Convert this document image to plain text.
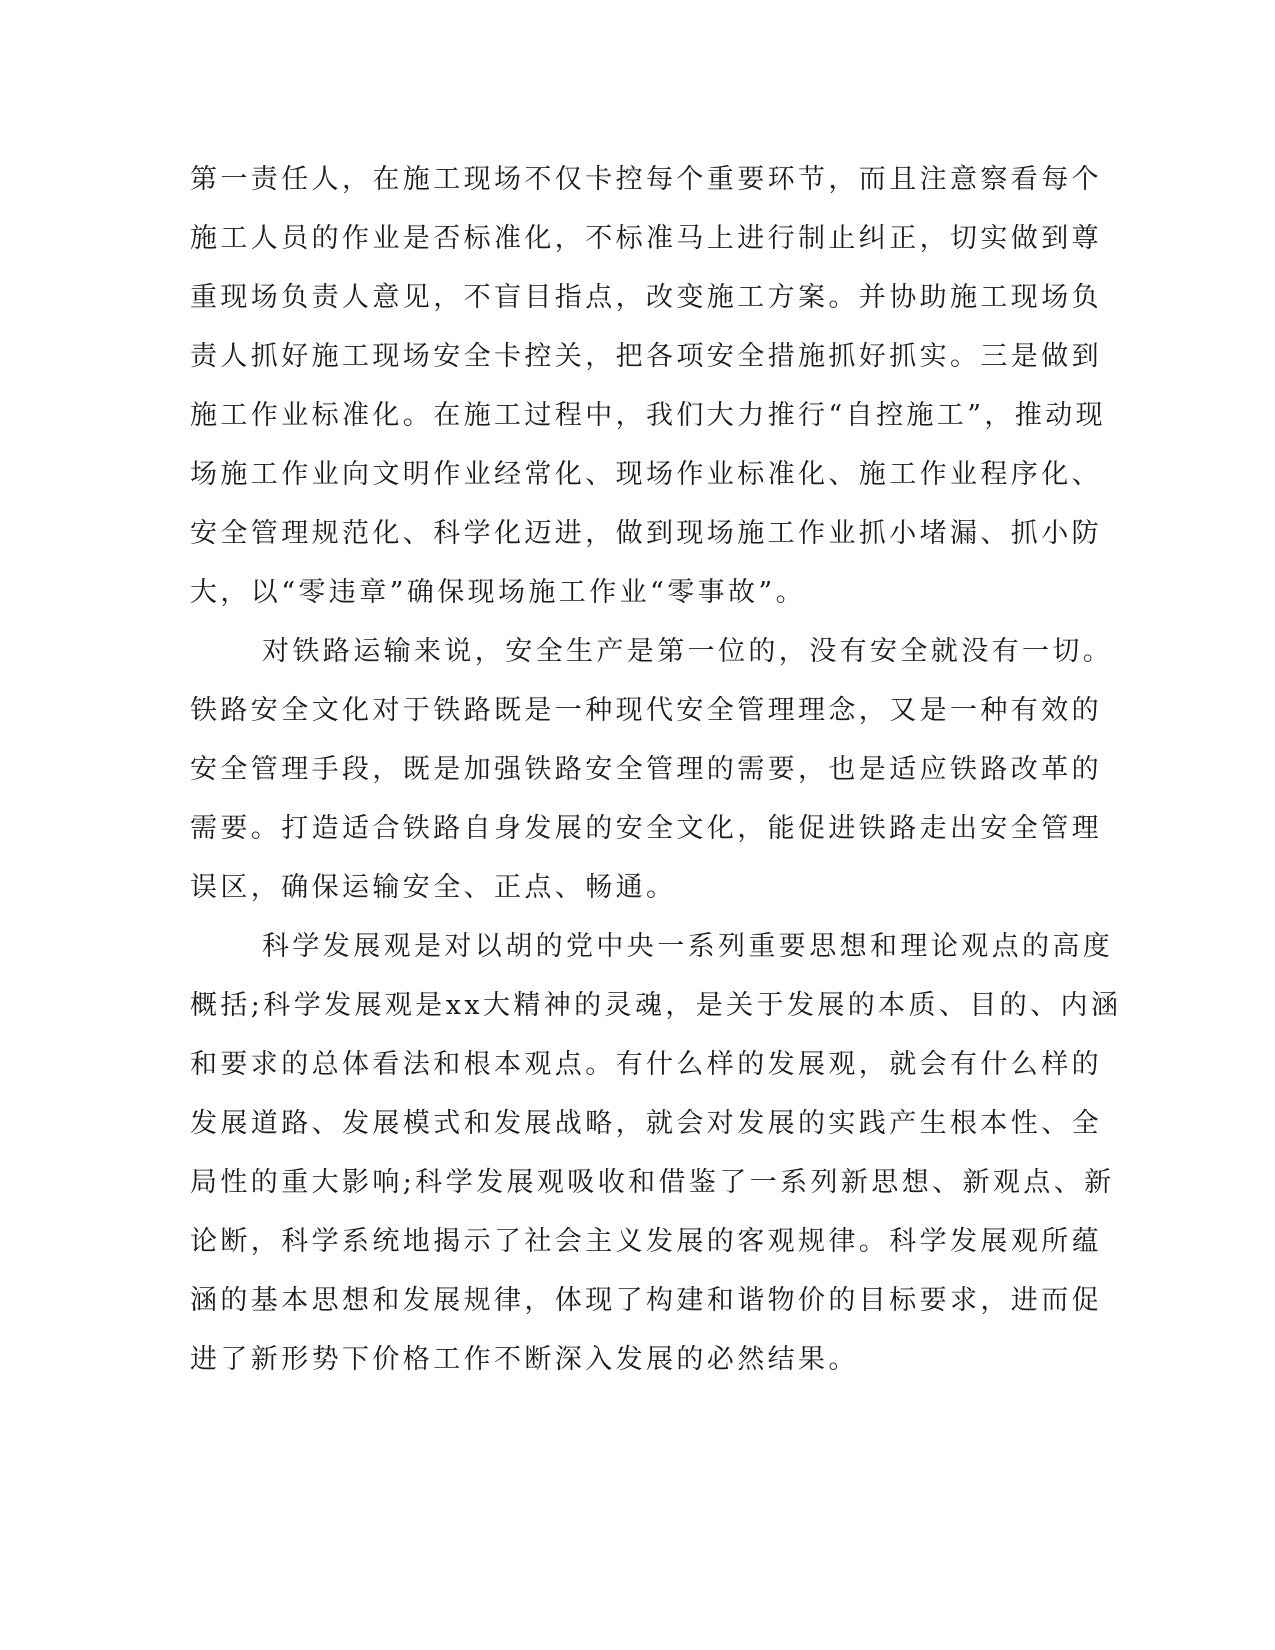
第一责任人，在施工现场不仅卡控每个重要环节，而且注意察看每个
施工人员的作业是否标准化，不标准马上进行制止纠正，切实做到尊
重现场负责人意见，不盲目指点，改变施工方案。并协助施工现场负
责人抓好施工现场安全卡控关，把各项安全措施抓好抓实。三是做到
施工作业标准化。在施工过程中，我们大力推行“自控施工”，推动现
场施工作业向文明作业经常化、现场作业标准化、施工作业程序化、
安全管理规范化、科学化迈进，做到现场施工作业抓小堵漏、抓小防
大，以“零违章”确保现场施工作业“零事故”。
对铁路运输来说，安全生产是第一位的，没有安全就没有一切。
铁路安全文化对于铁路既是一种现代安全管理理念，又是一种有效的
安全管理手段，既是加强铁路安全管理的需要，也是适应铁路改革的
需要。打造适合铁路自身发展的安全文化，能促进铁路走出安全管理
误区，确保运输安全、正点、畅通。
科学发展观是对以胡的党中央一系列重要思想和理论观点的高度
概括;科学发展观是xx大精神的灵魂，是关于发展的本质、目的、内涵
和要求的总体看法和根本观点。有什么样的发展观，就会有什么样的
发展道路、发展模式和发展战略，就会对发展的实践产生根本性、全
局性的重大影响;科学发展观吸收和借鉴了一系列新思想、新观点、新
论断，科学系统地揭示了社会主义发展的客观规律。科学发展观所蕴
涵的基本思想和发展规律，体现了构建和谐物价的目标要求，进而促
进了新形势下价格工作不断深入发展的必然结果。
